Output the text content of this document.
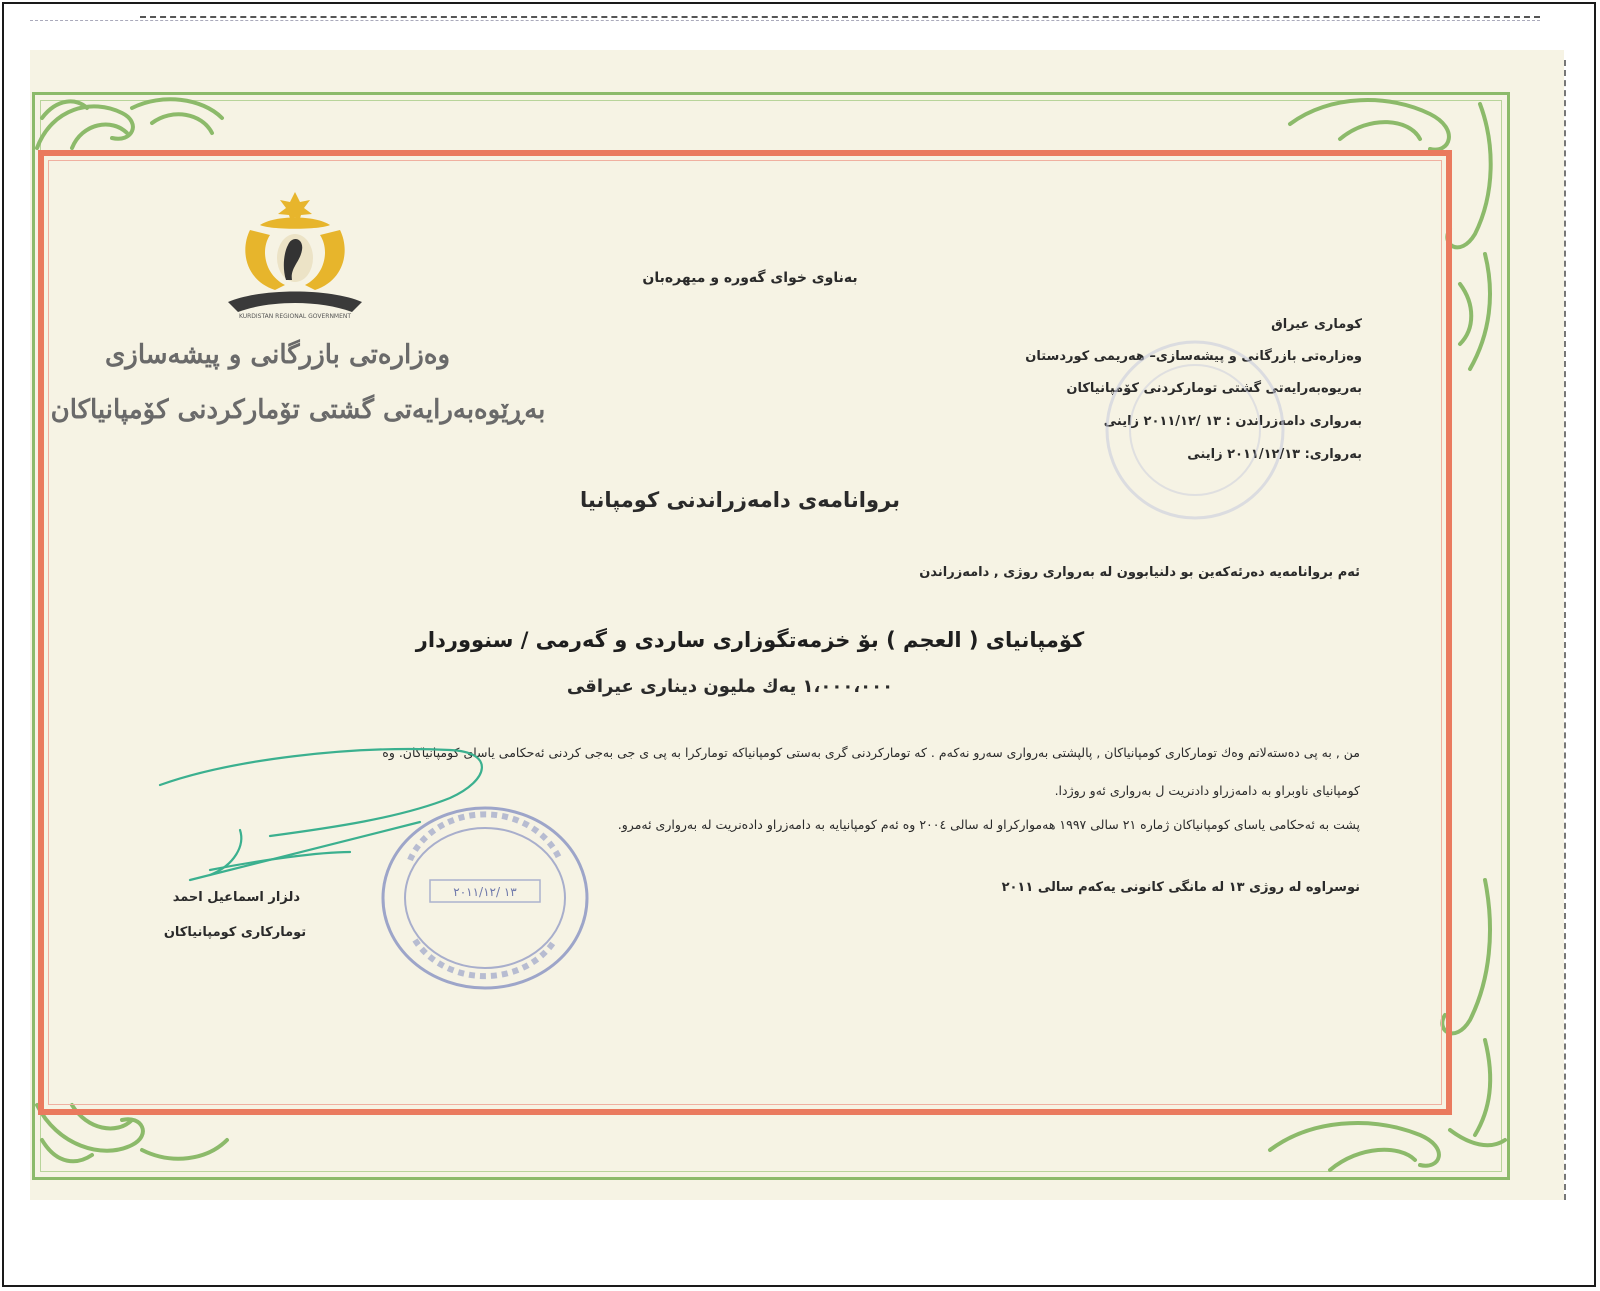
KURDISTAN REGIONAL GOVERNMENT
وەزارەتی بازرگانی و پیشەسازی
بەڕێوەبەرایەتی گشتی تۆمارکردنی کۆمپانیاکان
بەناوی خوای گەورە و میهرەبان
كوماری عیراق
وەزارەتی بازرگانی و پیشەسازی– هەریمی كوردستان
بەریوەبەرایەتی گشتی تومارکردنی کۆمپانیاکان
بەرواری دامەزراندن : ١٣ /٢٠١١/١٢ زاینی
بەرواری: ٢٠١١/١٢/١٣ زاینی
بروانامەی دامەزراندنی کومپانیا
ئەم بروانامەیە دەرئەکەین بو دلنیابوون لە بەرواری روژی , دامەزراندن
كۆمپانیای ( العجم ) بۆ خزمەتگوزاری ساردی و گەرمی / سنووردار
١،٠٠٠،٠٠٠ یەك ملیون دیناری عیراقی
من , بە پی دەستەلاتم وەك تومارکاری کومپانیاکان , پالپشتی بەرواری سەرو نەکەم . کە تومارکردنی گری بەستی کومپانیاکە تومارکرا بە پی ی جی بەجی کردنی ئەحکامی یاسای کومپانیاکان. وە
کومپانیای ناوبراو بە دامەزراو دادنریت ل بەرواری ئەو روژدا.
پشت بە ئەحکامی یاسای کومپانیاکان ژمارە ٢١ سالی ١٩٩٧ هەموارکراو لە سالی ٢٠٠٤ وە ئەم کومپانیایە بە دامەزراو دادەنریت لە بەرواری ئەمرو.
نوسراوە لە روژی ١٣ لە مانگی کانونی یەکەم سالی ٢٠١١
١٣ /٢٠١١/١٢
دلزار اسماعیل احمد
تومارکاری کومپانیاکان
